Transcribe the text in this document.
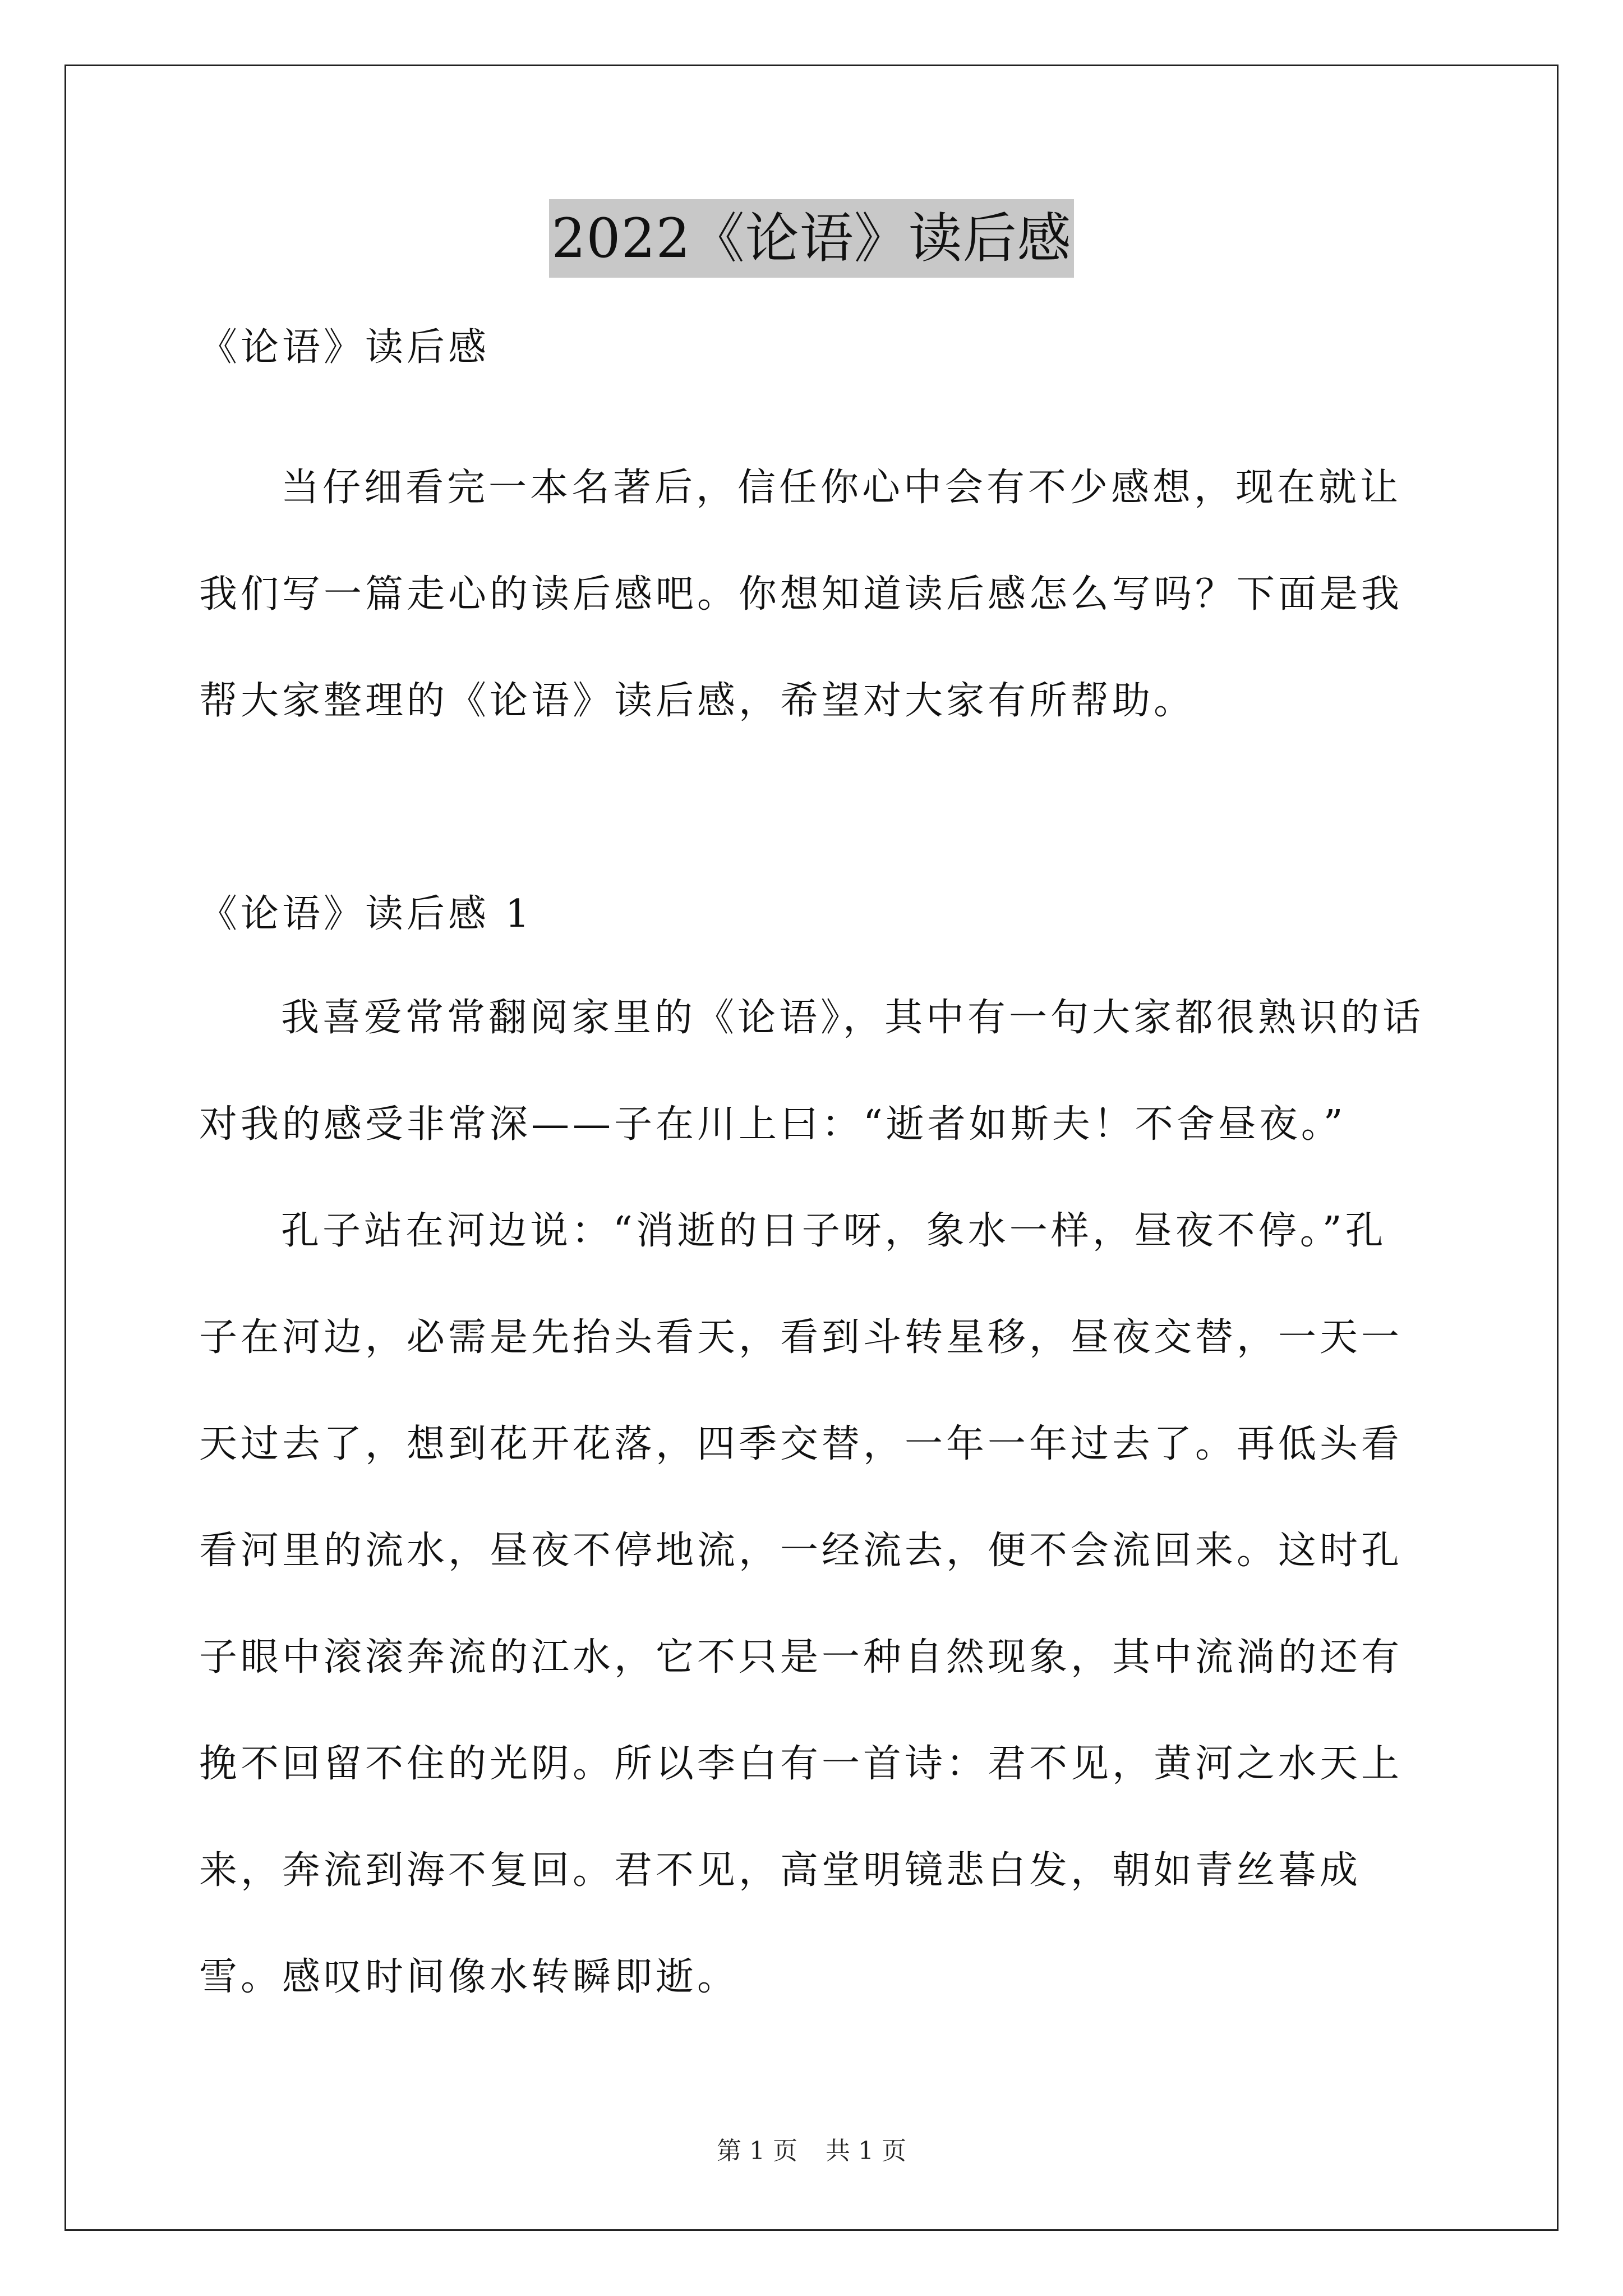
2022《论语》读后感
《论语》读后感

当仔细看完一本名著后，信任你心中会有不少感想，现在就让我们写一篇走心的读后感吧。你想知道读后感怎么写吗？下面是我帮大家整理的《论语》读后感，希望对大家有所帮助。

《论语》读后感 1

我喜爱常常翻阅家里的《论语》，其中有一句大家都很熟识的话对我的感受非常深——子在川上曰：“逝者如斯夫！不舍昼夜。”

孔子站在河边说：“消逝的日子呀，象水一样，昼夜不停。”孔子在河边，必需是先抬头看天，看到斗转星移，昼夜交替，一天一天过去了，想到花开花落，四季交替，一年一年过去了。再低头看看河里的流水，昼夜不停地流，一经流去，便不会流回来。这时孔子眼中滚滚奔流的江水，它不只是一种自然现象，其中流淌的还有挽不回留不住的光阴。所以李白有一首诗：君不见，黄河之水天上来，奔流到海不复回。君不见，高堂明镜悲白发，朝如青丝暮成雪。感叹时间像水转瞬即逝。

第 1 页 共 1 页
